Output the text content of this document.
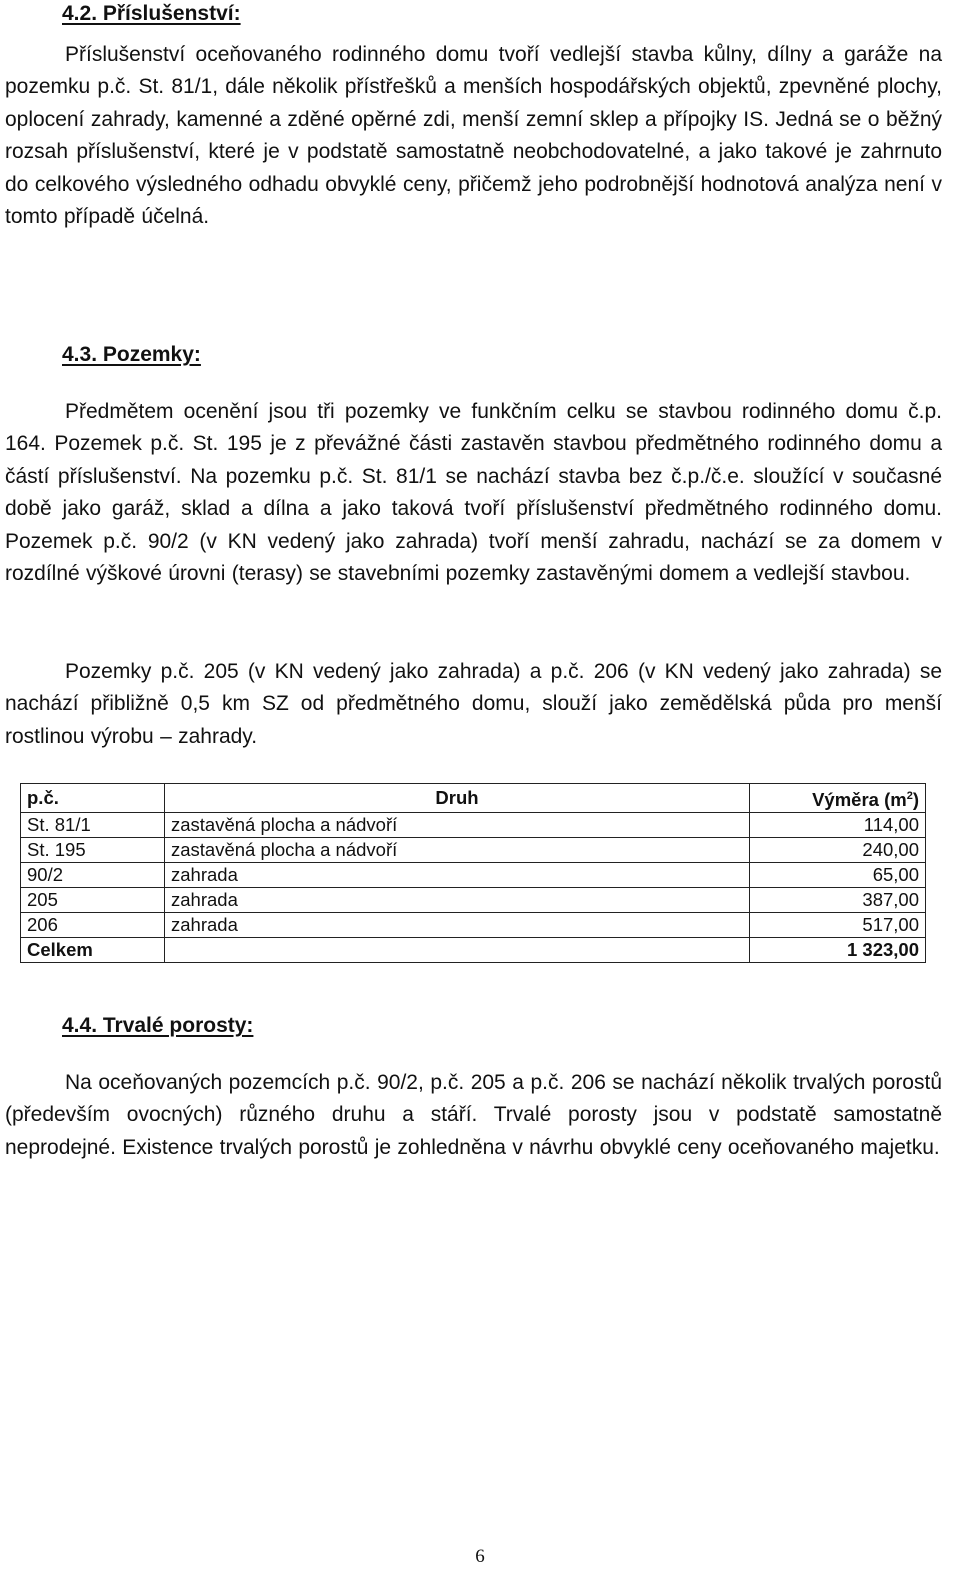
4.2. Příslušenství:

Příslušenství oceňovaného rodinného domu tvoří vedlejší stavba kůlny, dílny a garáže na pozemku p.č. St. 81/1, dále několik přístřešků a menších hospodářských objektů, zpevněné plochy, oplocení zahrady, kamenné a zděné opěrné zdi, menší zemní sklep a přípojky IS. Jedná se o běžný rozsah příslušenství, které je v podstatě samostatně neobchodovatelné, a jako takové je zahrnuto do celkového výsledného odhadu obvyklé ceny, přičemž jeho podrobnější hodnotová analýza není v tomto případě účelná.

4.3. Pozemky:

Předmětem ocenění jsou tři pozemky ve funkčním celku se stavbou rodinného domu č.p. 164. Pozemek p.č. St. 195 je z převážné části zastavěn stavbou předmětného rodinného domu a částí příslušenství. Na pozemku p.č. St. 81/1 se nachází stavba bez č.p./č.e. sloužící v současné době jako garáž, sklad a dílna a jako taková tvoří příslušenství předmětného rodinného domu. Pozemek p.č. 90/2 (v KN vedený jako zahrada) tvoří menší zahradu, nachází se za domem v rozdílné výškové úrovni (terasy) se stavebními pozemky zastavěnými domem a vedlejší stavbou.

Pozemky p.č. 205 (v KN vedený jako zahrada) a p.č. 206 (v KN vedený jako zahrada) se nachází přibližně 0,5 km SZ od předmětného domu, slouží jako zemědělská půda pro menší rostlinou výrobu – zahrady.

p.č.	Druh	Výměra $(m^2)$
St. 81/1	zastavěná plocha a nádvoří	114,00
St. 195	zastavěná plocha a nádvoří	240,00
90/2	zahrada	65,00
205	zahrada	387,00
206	zahrada	517,00
Celkem		1 323,00
4.4. Trvalé porosty:

Na oceňovaných pozemcích p.č. 90/2, p.č. 205 a p.č. 206 se nachází několik trvalých porostů (především ovocných) různého druhu a stáří. Trvalé porosty jsou v podstatě samostatně neprodejné. Existence trvalých porostů je zohledněna v návrhu obvyklé ceny oceňovaného majetku.

6
